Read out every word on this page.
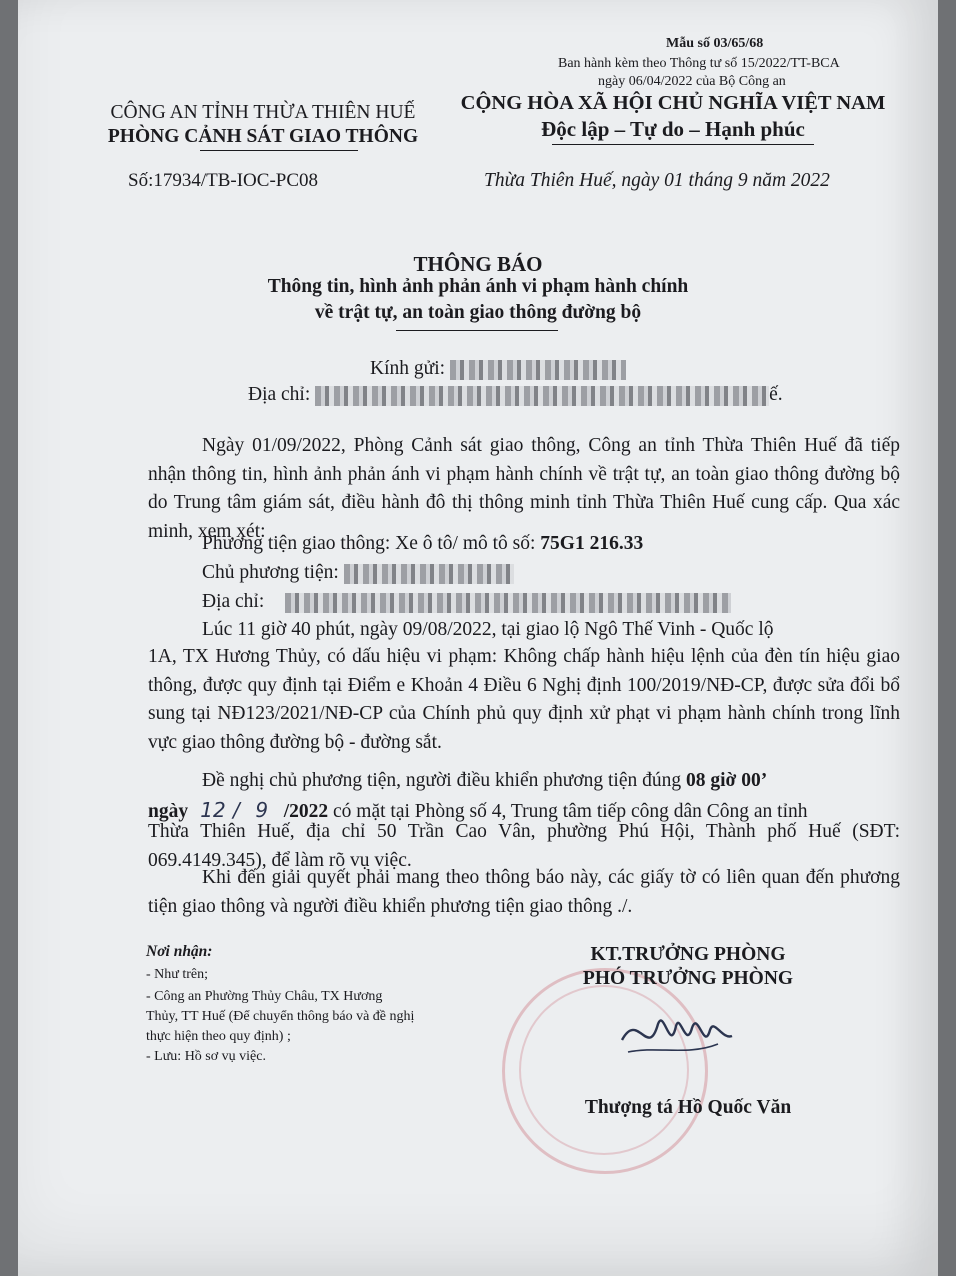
Mẫu số 03/65/68
Ban hành kèm theo Thông tư số 15/2022/TT-BCA
ngày 06/04/2022 của Bộ Công an
CÔNG AN TỈNH THỪA THIÊN HUẾ
PHÒNG CẢNH SÁT GIAO THÔNG
Số:17934/TB-IOC-PC08
CỘNG HÒA XÃ HỘI CHỦ NGHĨA VIỆT NAM
Độc lập – Tự do – Hạnh phúc
Thừa Thiên Huế, ngày 01 tháng 9 năm 2022
THÔNG BÁO
Thông tin, hình ảnh phản ánh vi phạm hành chính
về trật tự, an toàn giao thông đường bộ
Kính gửi:
Địa chỉ:	ế.
Ngày 01/09/2022, Phòng Cảnh sát giao thông, Công an tỉnh Thừa Thiên Huế đã tiếp nhận thông tin, hình ảnh phản ánh vi phạm hành chính về trật tự, an toàn giao thông đường bộ do Trung tâm giám sát, điều hành đô thị thông minh tỉnh Thừa Thiên Huế cung cấp. Qua xác minh, xem xét:
Phương tiện giao thông: Xe ô tô/ mô tô số: 75G1 216.33
Chủ phương tiện:
Địa chỉ:
Lúc 11 giờ 40 phút, ngày 09/08/2022, tại giao lộ Ngô Thế Vinh - Quốc lộ
1A, TX Hương Thủy, có dấu hiệu vi phạm: Không chấp hành hiệu lệnh của đèn tín hiệu giao thông, được quy định tại Điểm e Khoản 4 Điều 6 Nghị định 100/2019/NĐ-CP, được sửa đổi bổ sung tại NĐ123/2021/NĐ-CP của Chính phủ quy định xử phạt vi phạm hành chính trong lĩnh vực giao thông đường bộ - đường sắt.
Đề nghị chủ phương tiện, người điều khiển phương tiện đúng 08 giờ 00’
ngày 12 / 9 /2022 có mặt tại Phòng số 4, Trung tâm tiếp công dân Công an tỉnh
Thừa Thiên Huế, địa chỉ 50 Trần Cao Vân, phường Phú Hội, Thành phố Huế (SĐT: 069.4149.345), để làm rõ vụ việc.
Khi đến giải quyết phải mang theo thông báo này, các giấy tờ có liên quan đến phương tiện giao thông và người điều khiển phương tiện giao thông ./.
Nơi nhận:
- Như trên;
- Công an Phường Thủy Châu, TX Hương
Thủy, TT Huế (Để chuyển thông báo và đề nghị
thực hiện theo quy định) ;
- Lưu: Hồ sơ vụ việc.
KT.TRƯỞNG PHÒNG
PHÓ TRƯỞNG PHÒNG
Thượng tá Hồ Quốc Văn
